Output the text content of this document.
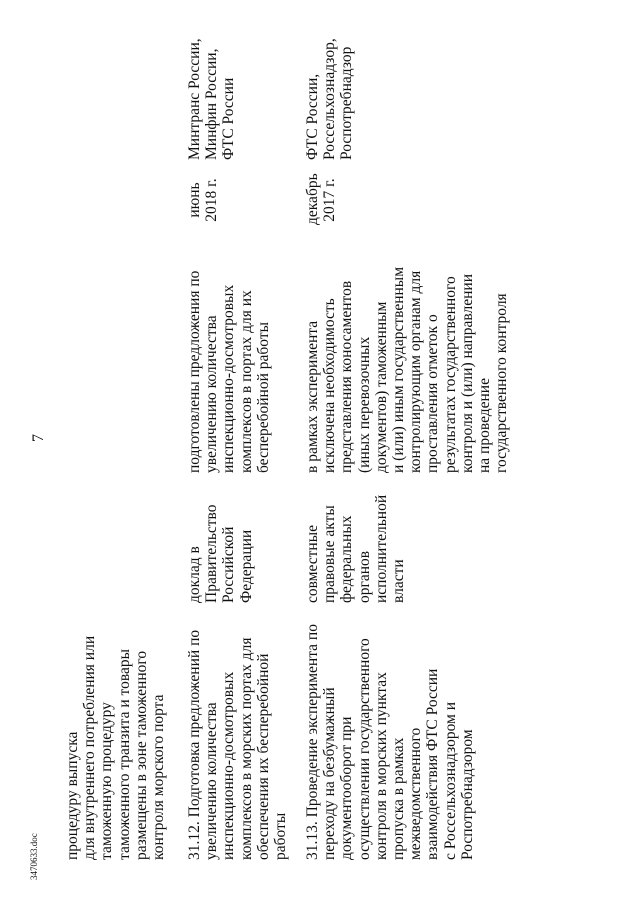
7
процедуру выпуска для внутреннего потребления или таможенную процедуру таможенного транзита и товары размещены в зоне таможенного контроля морского порта 31.12. Подготовка предложений по увеличению количества инспекционно-досмотровых комплексов в морских портах для обеспечения их бесперебойной работы
доклад в Правительство Российской Федерации
подготовлены предложения по увеличению количества инспекционно-досмотровых комплексов в портах для их бесперебойной работы
июнь 2018 г.
Минтранс России, Минфин России, ФТС России
31.13. Проведение эксперимента по переходу на безбумажный документооборот при осуществлении государственного контроля в морских пунктах пропуска в рамках межведомственного взаимодействия ФТС России с Россельхознадзором и Роспотребнадзором
совместные правовые акты федеральных органов исполнительной власти
в рамках эксперимента исключена необходимость представления коносаментов (иных перевозочных документов) таможенным и (или) иным государственным контролирующим органам для проставления отметок о результатах государственного контроля и (или) направлении на проведение государственного контроля
декабрь 2017 г.
ФТС России, Россельхознадзор, Роспотребнадзор
3470633.doc
